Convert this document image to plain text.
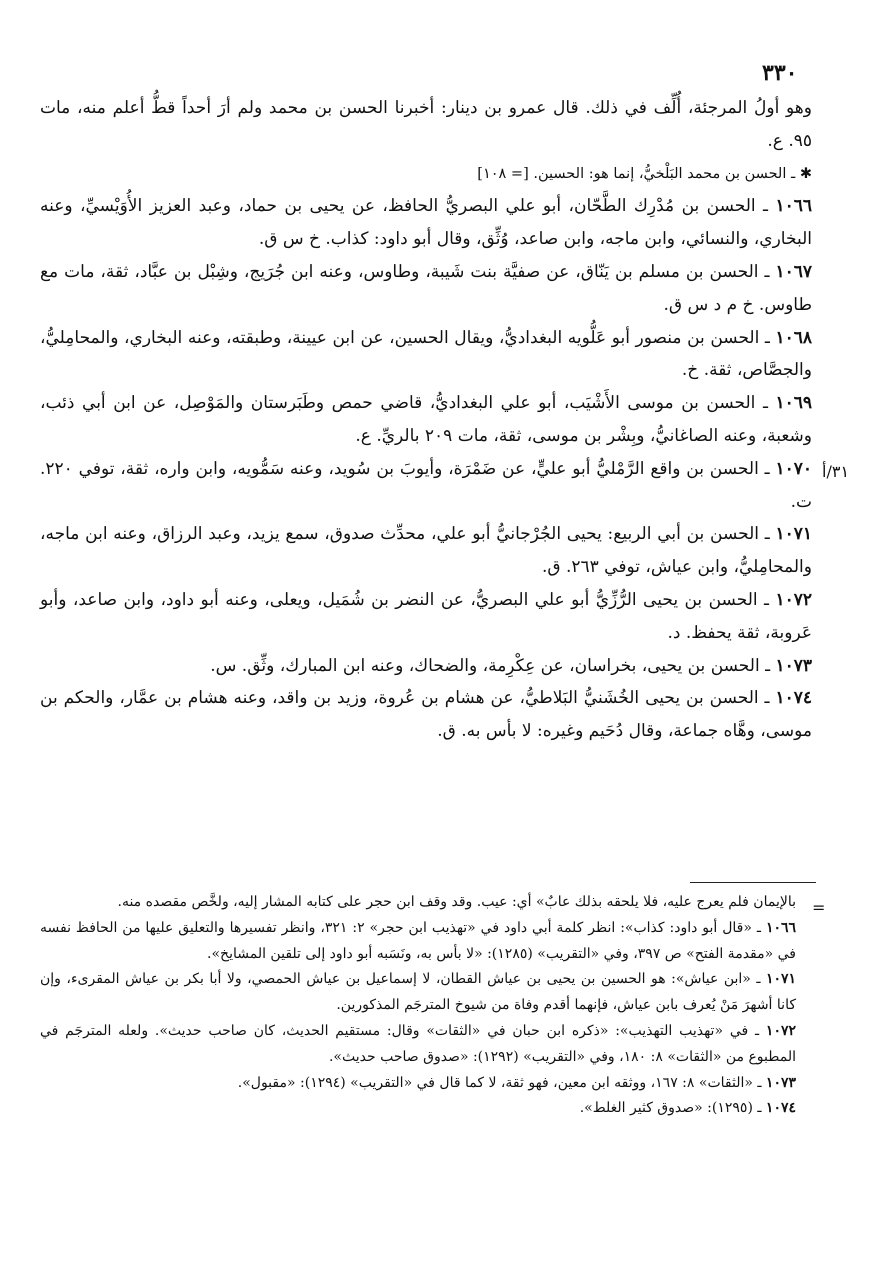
٣٣٠
٣١/أ

وهو أولُ المرجئة، أُلِّف في ذلك. قال عمرو بن دينار: أخبرنا الحسن بن محمد ولم أرَ أحداً قطُّ أعلم منه، مات ٩٥. ع.

✱ ـ الحسن بن محمد البَلْخيُّ، إنما هو: الحسين. [= ١٠٨]

١٠٦٦ ـ الحسن بن مُدْرِك الطَّحّان، أبو علي البصريُّ الحافظ، عن يحيى بن حماد، وعبد العزيز الأُوَيْسيِّ، وعنه البخاري، والنسائي، وابن ماجه، وابن صاعد، وُثِّق، وقال أبو داود: كذاب. خ س ق.

١٠٦٧ ـ الحسن بن مسلم بن يَنّاق، عن صفيَّة بنت شَيبة، وطاوس، وعنه ابن جُرَيج، وشِبْل بن عبَّاد، ثقة، مات مع طاوس. خ م د س ق.

١٠٦٨ ـ الحسن بن منصور أبو عَلُّويه البغداديُّ، ويقال الحسين، عن ابن عيينة، وطبقته، وعنه البخاري، والمحامِليُّ، والجصَّاص، ثقة. خ.

١٠٦٩ ـ الحسن بن موسى الأَشْيَب، أبو علي البغداديُّ، قاضي حمص وطَبَرستان والمَوْصِل، عن ابن أبي ذئب، وشعبة، وعنه الصاغانيُّ، وبِشْر بن موسى، ثقة، مات ٢٠٩ بالريِّ. ع.

١٠٧٠ ـ الحسن بن واقع الرَّمْليُّ أبو عليٍّ، عن ضَمْرَة، وأيوبَ بن سُويد، وعنه سَمُّويه، وابن واره، ثقة، توفي ٢٢٠. ت.

١٠٧١ ـ الحسن بن أبي الربيع: يحيى الجُرْجانيُّ أبو علي، محدِّث صدوق، سمع يزيد، وعبد الرزاق، وعنه ابن ماجه، والمحامِليُّ، وابن عياش، توفي ٢٦٣. ق.

١٠٧٢ ـ الحسن بن يحيى الرُّزِّيُّ أبو علي البصريُّ، عن النضر بن شُمَيل، ويعلى، وعنه أبو داود، وابن صاعد، وأبو عَروبة، ثقة يحفظ. د.

١٠٧٣ ـ الحسن بن يحيى، بخراسان، عن عِكْرِمة، والضحاك، وعنه ابن المبارك، وثِّق. س.

١٠٧٤ ـ الحسن بن يحيى الخُشَنيُّ البَلاطيُّ، عن هشام بن عُروة، وزيد بن واقد، وعنه هشام بن عمَّار، والحكم بن موسى، وهَّاه جماعة، وقال دُحَيم وغيره: لا بأس به. ق.

=

بالإيمان فلم يعرج عليه، فلا يلحقه بذلك عابٌ» أي: عيب. وقد وقف ابن حجر على كتابه المشار إليه، ولخَّص مقصده منه.

١٠٦٦ ـ «قال أبو داود: كذاب»: انظر كلمة أبي داود في «تهذيب ابن حجر» ٢: ٣٢١، وانظر تفسيرها والتعليق عليها من الحافظ نفسه في «مقدمة الفتح» ص ٣٩٧، وفي «التقريب» (١٢٨٥): «لا بأس به، ونَسَبه أبو داود إلى تلقين المشايخ».

١٠٧١ ـ «ابن عياش»: هو الحسين بن يحيى بن عياش القطان، لا إسماعيل بن عياش الحمصي، ولا أبا بكر بن عياش المقرىء، وإن كانا أشهرَ مَنْ يُعرف بابن عياش، فإنهما أقدم وفاة من شيوخ المترجَم المذكورين.

١٠٧٢ ـ في «تهذيب التهذيب»: «ذكره ابن حبان في «الثقات» وقال: مستقيم الحديث، كان صاحب حديث». ولعله المترجَم في المطبوع من «الثقات» ٨: ١٨٠، وفي «التقريب» (١٢٩٢): «صدوق صاحب حديث».

١٠٧٣ ـ «الثقات» ٨: ١٦٧، ووثقه ابن معين، فهو ثقة، لا كما قال في «التقريب» (١٢٩٤): «مقبول».

١٠٧٤ ـ (١٢٩٥): «صدوق كثير الغلط».
